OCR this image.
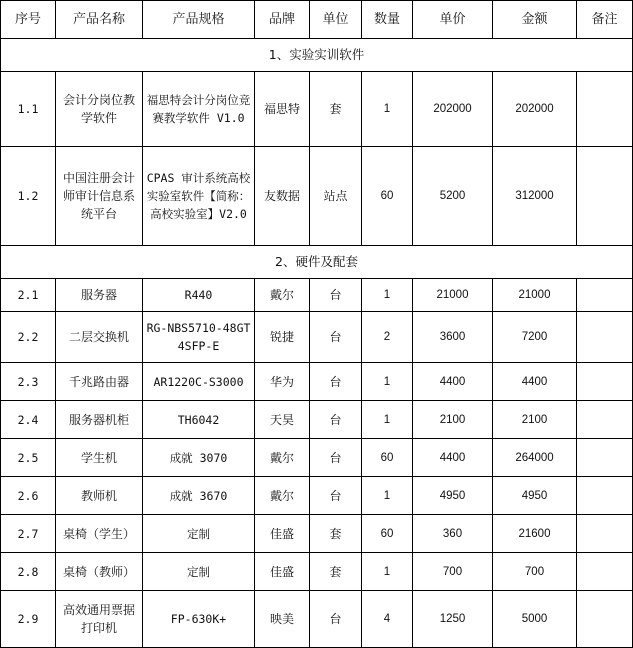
序号	产品名称	产品规格	品牌	单位	数量	单价	金额	备注
1、实验实训软件								
1.1	会计分岗位教学软件	福思特会计分岗位竞赛教学软件 V1.0	福思特	套	1	202000	202000	
1.2	中国注册会计师审计信息系统平台	CPAS 审计系统高校实验室软件【简称：高校实验室】V2.0	友数据	站点	60	5200	312000	
2、硬件及配套								
2.1	服务器	R440	戴尔	台	1	21000	21000	
2.2	二层交换机	RG-NBS5710-48GT4SFP-E	锐捷	台	2	3600	7200	
2.3	千兆路由器	AR1220C-S3000	华为	台	1	4400	4400	
2.4	服务器机柜	TH6042	天昊	台	1	2100	2100	
2.5	学生机	成就 3070	戴尔	台	60	4400	264000	
2.6	教师机	成就 3670	戴尔	台	1	4950	4950	
2.7	桌椅（学生）	定制	佳盛	套	60	360	21600	
2.8	桌椅（教师）	定制	佳盛	套	1	700	700	
2.9	高效通用票据打印机	FP-630K+	映美	台	4	1250	5000	
